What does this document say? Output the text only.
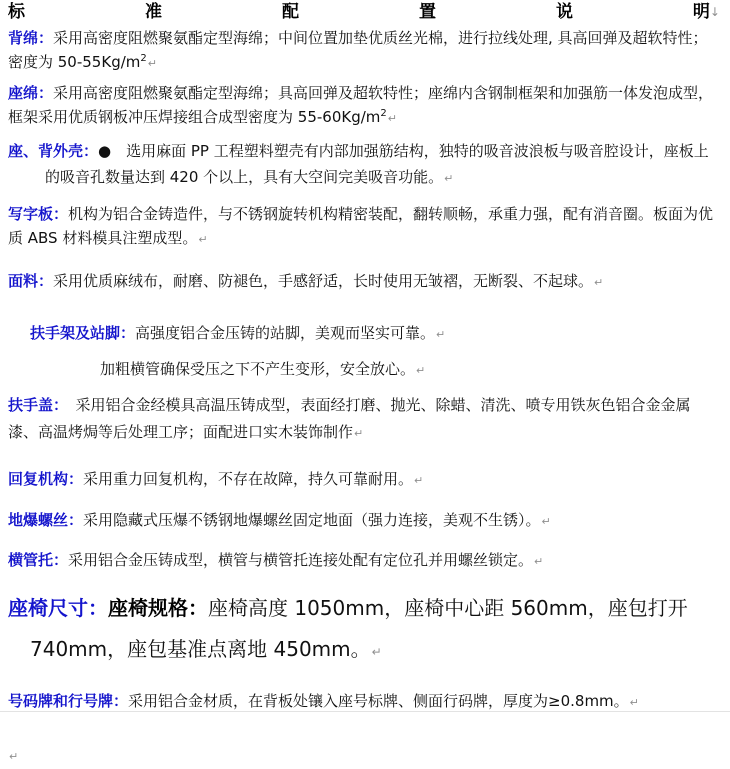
标	准	配	置	说	明 ↓

背绵：采用高密度阻燃聚氨酯定型海绵；中间位置加垫优质丝光棉，进行拉线处理, 具高回弹及超软特性；密度为 $50-55Kg/m^2↵$

座绵：采用高密度阻燃聚氨酯定型海绵；具高回弹及超软特性；座绵内含钢制框架和加强筋一体发泡成型，框架采用优质钢板冲压焊接组合成型密度为 $55-60Kg/m^2↵$

座、背外壳：●　选用麻面 PP 工程塑料塑壳有内部加强筋结构，独特的吸音波浪板与吸音腔设计，座板上的吸音孔数量达到 420 个以上，具有大空间完美吸音功能。↵

写字板：机构为铝合金铸造件，与不锈钢旋转机构精密装配，翻转顺畅，承重力强，配有消音圈。板面为优质 ABS 材料模具注塑成型。↵

面料：采用优质麻绒布，耐磨、防褪色，手感舒适，长时使用无皱褶，无断裂、不起球。↵

扶手架及站脚：高强度铝合金压铸的站脚，美观而坚实可靠。↵

加粗横管确保受压之下不产生变形，安全放心。↵

扶手盖：　采用铝合金经模具高温压铸成型，表面经打磨、抛光、除蜡、清洗、喷专用铁灰色铝合金金属漆、高温烤焗等后处理工序；面配进口实木装饰制作↵

回复机构：采用重力回复机构，不存在故障，持久可靠耐用。↵

地爆螺丝：采用隐藏式压爆不锈钢地爆螺丝固定地面（强力连接，美观不生锈）。↵

横管托：采用铝合金压铸成型，横管与横管托连接处配有定位孔并用螺丝锁定。↵

座椅尺寸：座椅规格：座椅高度 1050mm，座椅中心距 560mm，座包打开 740mm，座包基准点离地 450mm。↵

号码牌和行号牌：采用铝合金材质，在背板处镶入座号标牌、侧面行码牌，厚度为≥0.8mm。↵

↵
